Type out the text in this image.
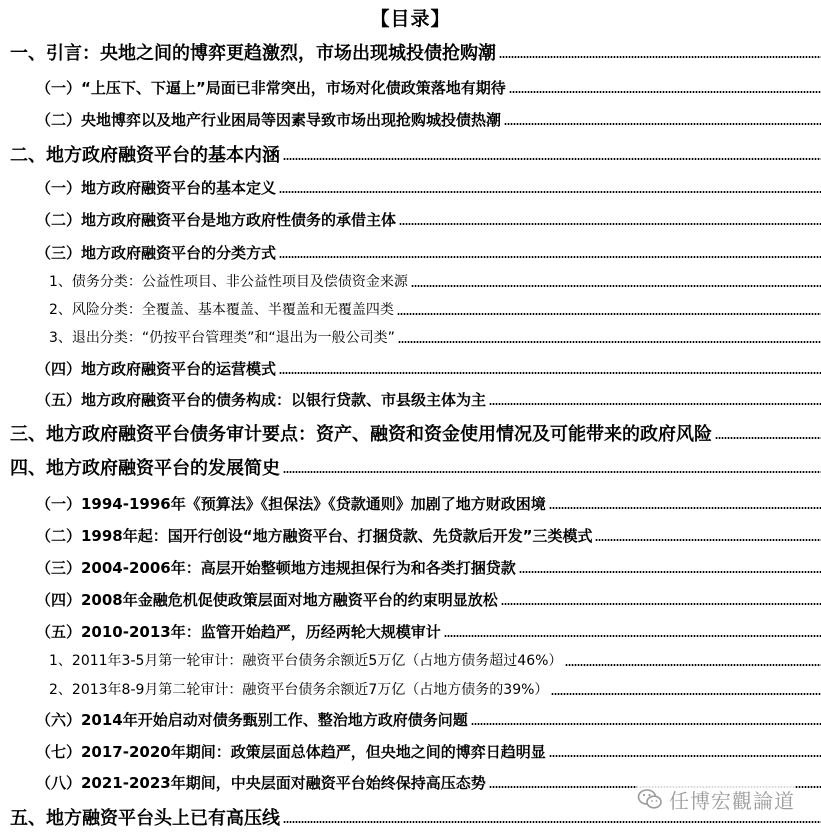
【目录】
一、引言：央地之间的博弈更趋激烈，市场出现城投债抢购潮
（一）“上压下、下逼上”局面已非常突出，市场对化债政策落地有期待
（二）央地博弈以及地产行业困局等因素导致市场出现抢购城投债热潮
二、地方政府融资平台的基本内涵
（一）地方政府融资平台的基本定义
（二）地方政府融资平台是地方政府性债务的承借主体
（三）地方政府融资平台的分类方式
1、债务分类：公益性项目、非公益性项目及偿债资金来源
2、风险分类：全覆盖、基本覆盖、半覆盖和无覆盖四类
3、退出分类：“仍按平台管理类”和“退出为一般公司类”
（四）地方政府融资平台的运营模式
（五）地方政府融资平台的债务构成：以银行贷款、市县级主体为主
三、地方政府融资平台债务审计要点：资产、融资和资金使用情况及可能带来的政府风险
四、地方政府融资平台的发展简史
（一）1994-1996年《预算法》《担保法》《贷款通则》加剧了地方财政困境
（二）1998年起：国开行创设“地方融资平台、打捆贷款、先贷款后开发”三类模式
（三）2004-2006年：高层开始整顿地方违规担保行为和各类打捆贷款
（四）2008年金融危机促使政策层面对地方融资平台的约束明显放松
（五）2010-2013年：监管开始趋严，历经两轮大规模审计
1、2011年3-5月第一轮审计：融资平台债务余额近5万亿（占地方债务超过46%）
2、2013年8-9月第二轮审计：融资平台债务余额近7万亿（占地方债务的39%）
（六）2014年开始启动对债务甄别工作、整治地方政府债务问题
（七）2017-2020年期间：政策层面总体趋严，但央地之间的博弈日趋明显
（八）2021-2023年期间，中央层面对融资平台始终保持高压态势
五、地方融资平台头上已有高压线
任博宏觀論道
